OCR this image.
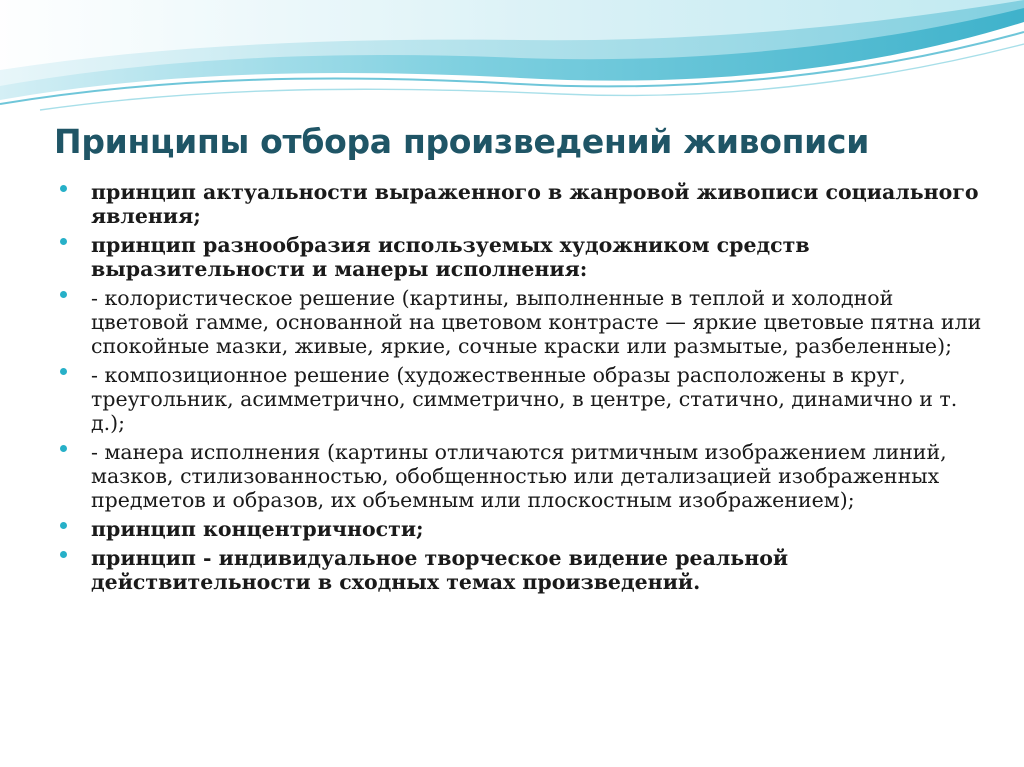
Принципы отбора произведений живописи
принцип актуальности выраженного в жанровой живописи социального явления;
принцип разнообразия используемых художником средств выразительности и манеры исполнения:
- колористическое решение (картины, выполненные в теплой и холодной цветовой гамме, основанной на цветовом контрасте — яркие цветовые пятна или спокойные мазки, живые, яркие, сочные краски или размытые, разбеленные);
- композиционное решение (художественные образы расположены в круг, треугольник, асимметрично, симметрично, в центре, статично, динамично и т. д.);
- манера исполнения (картины отличаются ритмичным изображением линий, мазков, стилизованностью, обобщенностью или детализацией изображенных предметов и образов, их объемным или плоскостным изображением);
принцип концентричности;
принцип - индивидуальное творческое видение реальной действительности в сходных темах произведений.
